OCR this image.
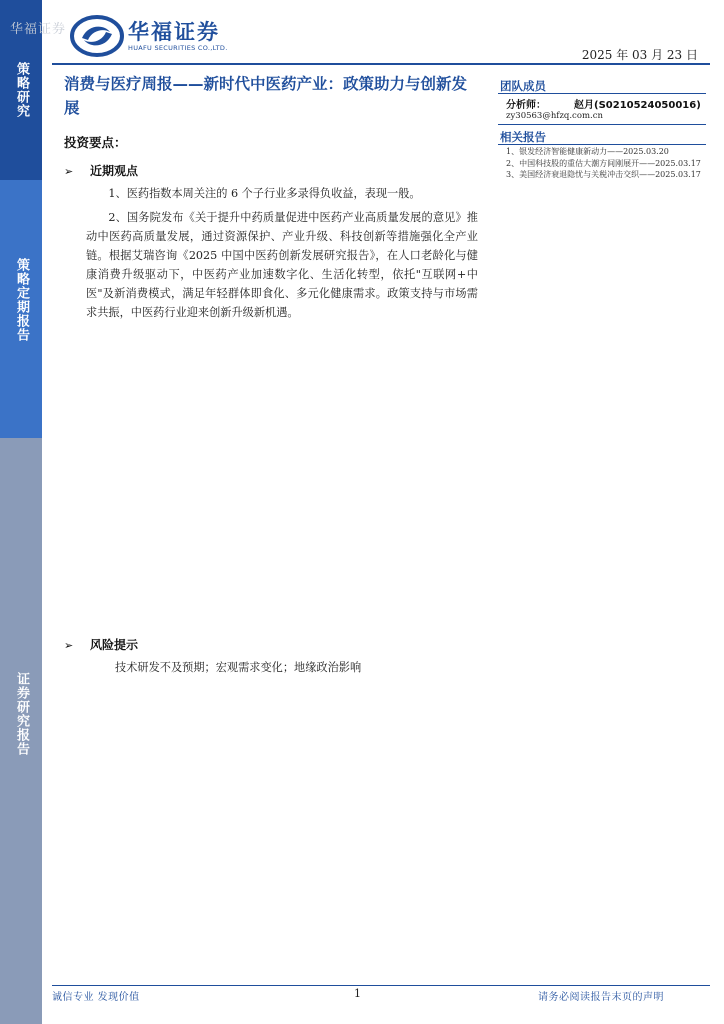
策略研究
策略定期报告
证券研究报告
华福证券	华福证券
HUAFU SECURITIES CO.,LTD.	2025 年 03 月 23 日
消费与医疗周报——新时代中医药产业：政策助力与创新发展
投资要点：
➢ 近期观点
1、医药指数本周关注的 6 个子行业多录得负收益，表现一般。
2、国务院发布《关于提升中药质量促进中医药产业高质量发展的意见》推动中医药高质量发展，通过资源保护、产业升级、科技创新等措施强化全产业链。根据艾瑞咨询《2025 中国中医药创新发展研究报告》，在人口老龄化与健康消费升级驱动下，中医药产业加速数字化、生活化转型，依托"互联网+中医"及新消费模式，满足年轻群体即食化、多元化健康需求。政策支持与市场需求共振，中医药行业迎来创新升级新机遇。
➢ 风险提示
技术研发不及预期；宏观需求变化；地缘政治影响
团队成员
分析师：	赵月(S0210524050016)
zy30563@hfzq.com.cn
相关报告
1、银发经济智能健康新动力——2025.03.20
2、中国科技股的重估大潮方间刚展开——2025.03.17
3、美国经济衰退隐忧与关税冲击交织——2025.03.17
诚信专业 发现价值	1	请务必阅读报告末页的声明
